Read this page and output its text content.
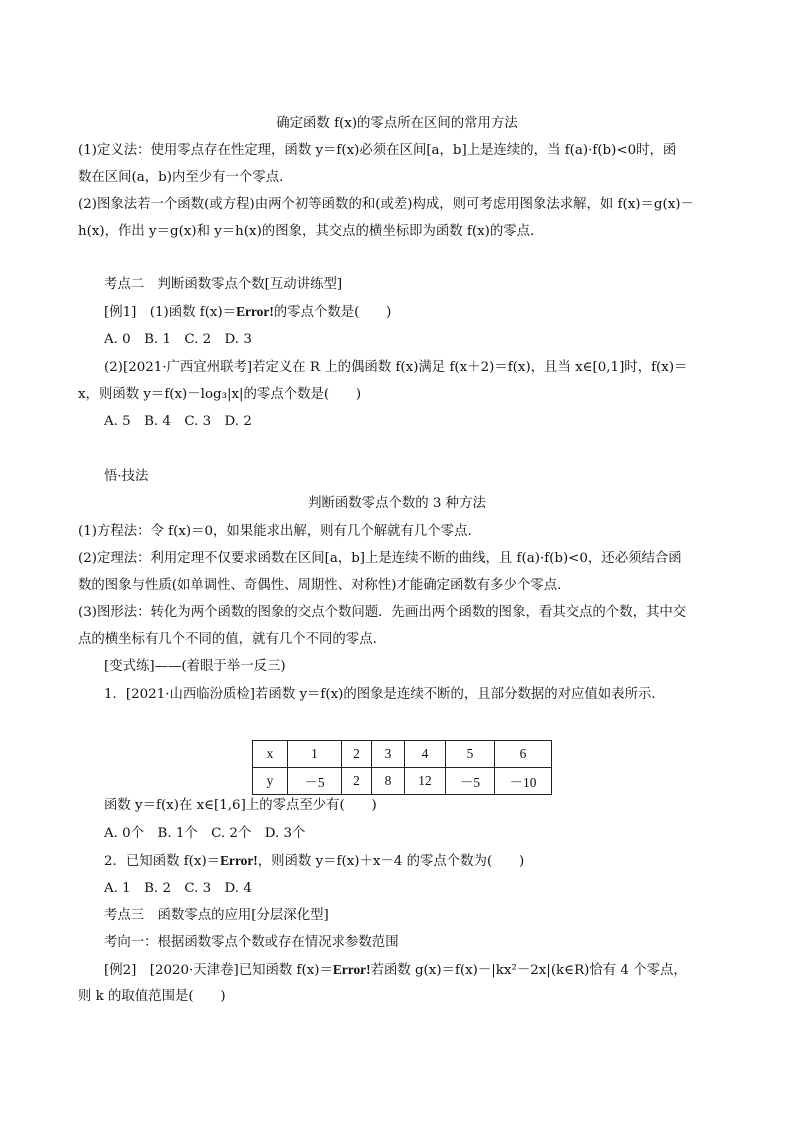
确定函数 f(x)的零点所在区间的常用方法
(1)定义法：使用零点存在性定理，函数 y＝f(x)必须在区间[a，b]上是连续的，当 f(a)·f(b)<0时，函
数在区间(a，b)内至少有一个零点．
(2)图象法若一个函数(或方程)由两个初等函数的和(或差)构成，则可考虑用图象法求解，如 f(x)＝g(x)－
h(x)，作出 y＝g(x)和 y＝h(x)的图象，其交点的横坐标即为函数 f(x)的零点．
考点二　判断函数零点个数[互动讲练型]
[例1]　(1)函数 f(x)＝Error!的零点个数是(　　)
A. 0　B. 1　C. 2　D. 3
(2)[2021·广西宜州联考]若定义在 R 上的偶函数 f(x)满足 f(x＋2)＝f(x)，且当 x∈[0,1]时，f(x)＝
x，则函数 y＝f(x)－log₃|x|的零点个数是(　　)
A. 5　B. 4　C. 3　D. 2
悟·技法
判断函数零点个数的 3 种方法
(1)方程法：令 f(x)＝0，如果能求出解，则有几个解就有几个零点．
(2)定理法：利用定理不仅要求函数在区间[a，b]上是连续不断的曲线，且 f(a)·f(b)<0，还必须结合函
数的图象与性质(如单调性、奇偶性、周期性、对称性)才能确定函数有多少个零点．
(3)图形法：转化为两个函数的图象的交点个数问题．先画出两个函数的图象，看其交点的个数，其中交
点的横坐标有几个不同的值，就有几个不同的零点．
[变式练]——(着眼于举一反三)
1．[2021·山西临汾质检]若函数 y＝f(x)的图象是连续不断的，且部分数据的对应值如表所示．
x	1	2	3	4	5	6
y	－5	2	8	12	－5	－10
函数 y＝f(x)在 x∈[1,6]上的零点至少有(　　)
A. 0个　B. 1个　C. 2个　D. 3个
2．已知函数 f(x)＝Error!，则函数 y＝f(x)＋x－4 的零点个数为(　　)
A. 1　B. 2　C. 3　D. 4
考点三　函数零点的应用[分层深化型]
考向一：根据函数零点个数或存在情况求参数范围
[例2]　[2020·天津卷]已知函数 f(x)＝Error!若函数 g(x)＝f(x)－|kx²－2x|(k∈R)恰有 4 个零点，
则 k 的取值范围是(　　)
